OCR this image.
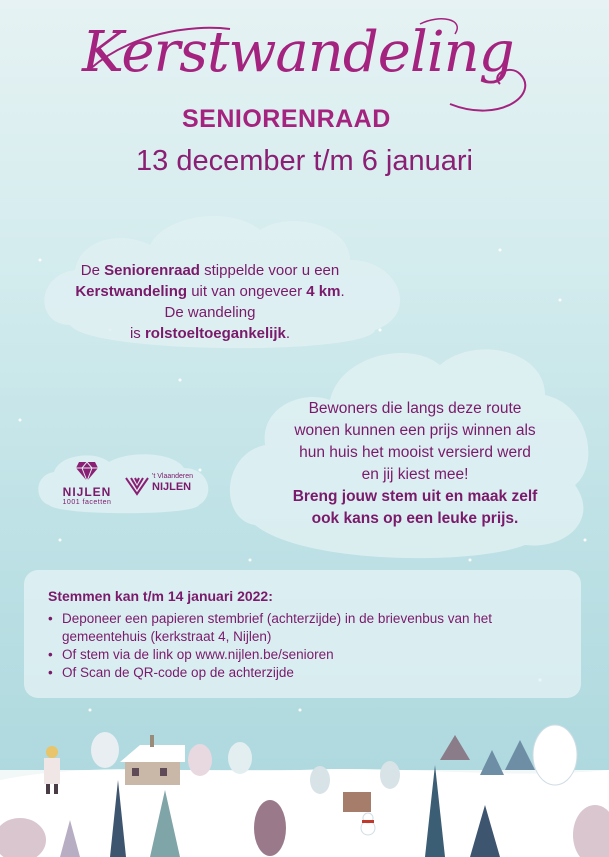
Kerstwandeling
SENIORENRAAD
13 december t/m 6 januari
De Seniorenraad stippelde voor u een
Kerstwandeling uit van ongeveer 4 km.
De wandeling
is rolstoeltoegankelijk.
Bewoners die langs deze route
wonen kunnen een prijs winnen als
hun huis het mooist versierd werd
en jij kiest mee!
Breng jouw stem uit en maak zelf
ook kans op een leuke prijs.
NIJLEN
1001 facetten
't Vlaanderen
NIJLEN
Stemmen kan t/m 14 januari 2022:
• Deponeer een papieren stembrief (achterzijde) in de brievenbus van het gemeentehuis (kerkstraat 4, Nijlen)
• Of stem via de link op www.nijlen.be/senioren
• Of Scan de QR-code op de achterzijde
